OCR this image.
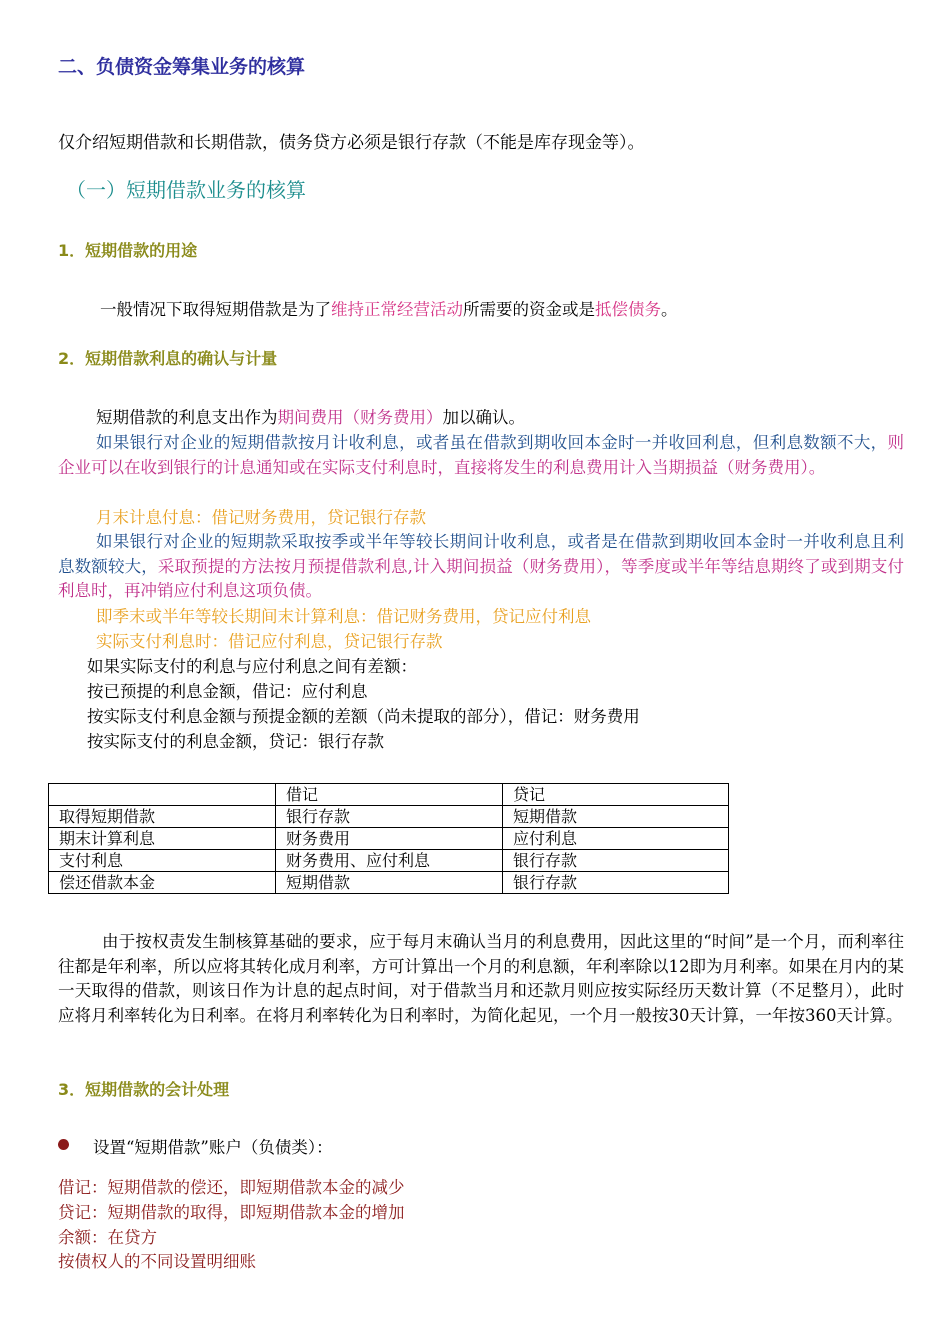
二、负债资金筹集业务的核算
仅介绍短期借款和长期借款，债务贷方必须是银行存款（不能是库存现金等）。
（一）短期借款业务的核算
1．短期借款的用途
一般情况下取得短期借款是为了维持正常经营活动所需要的资金或是抵偿债务。
2．短期借款利息的确认与计量
短期借款的利息支出作为期间费用（财务费用）加以确认。
如果银行对企业的短期借款按月计收利息，或者虽在借款到期收回本金时一并收回利息，但利息数额不大，则企业可以在收到银行的计息通知或在实际支付利息时，直接将发生的利息费用计入当期损益（财务费用）。
月末计息付息：借记财务费用，贷记银行存款
如果银行对企业的短期款采取按季或半年等较长期间计收利息，或者是在借款到期收回本金时一并收利息且利息数额较大，采取预提的方法按月预提借款利息,计入期间损益（财务费用），等季度或半年等结息期终了或到期支付利息时，再冲销应付利息这项负债。
即季末或半年等较长期间末计算利息：借记财务费用，贷记应付利息
实际支付利息时：借记应付利息，贷记银行存款
如果实际支付的利息与应付利息之间有差额：
按已预提的利息金额，借记：应付利息
按实际支付利息金额与预提金额的差额（尚未提取的部分），借记：财务费用
按实际支付的利息金额，贷记：银行存款
	借记	贷记
取得短期借款	银行存款	短期借款
期末计算利息	财务费用	应付利息
支付利息	财务费用、应付利息	银行存款
偿还借款本金	短期借款	银行存款
由于按权责发生制核算基础的要求，应于每月末确认当月的利息费用，因此这里的“时间”是一个月，而利率往往都是年利率，所以应将其转化成月利率，方可计算出一个月的利息额，年利率除以12即为月利率。如果在月内的某一天取得的借款，则该日作为计息的起点时间，对于借款当月和还款月则应按实际经历天数计算（不足整月），此时应将月利率转化为日利率。在将月利率转化为日利率时，为简化起见，一个月一般按30天计算，一年按360天计算。
3．短期借款的会计处理
设置“短期借款”账户（负债类）：
借记：短期借款的偿还，即短期借款本金的减少
贷记：短期借款的取得，即短期借款本金的增加
余额：在贷方
按债权人的不同设置明细账
